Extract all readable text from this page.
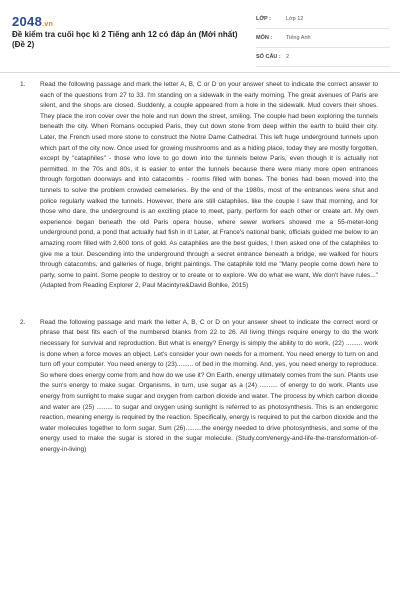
2048.vn
Đề kiểm tra cuối học kì 2 Tiếng anh 12 có đáp án (Mới nhất) (Đề 2)
LỚP :	Lớp 12
MÔN :	Tiếng Anh
SỐ CÂU : 2
1. Read the following passage and mark the letter A, B, C or D on your answer sheet to indicate the correct answer to each of the questions from 27 to 33. I'm standing on a sidewalk in the early morning. The great avenues of Paris are silent, and the shops are closed. Suddenly, a couple appeared from a hole in the sidewalk. Mud covers their shoes. They place the iron cover over the hole and run down the street, smiling. The couple had been exploring the tunnels beneath the city. When Romans occupied Paris, they cut down stone from deep within the earth to build their city. Later, the French used more stone to construct the Notre Dame Cathedral. This left huge underground tunnels upon which part of the city now. Once used for growing mushrooms and as a hiding place, today they are mostly forgotten, except by "cataphiles" - those who love to go down into the tunnels below Paris, even though it is actually not permitted. In the 70s and 80s, it is easier to enter the tunnels because there were many more open entrances through forgotten doorways and into catacombs - rooms filled with bones. The bones had been moved into the tunnels to solve the problem crowded cemeteries. By the end of the 1980s, most of the entrances were shut and police regularly walked the tunnels. However, there are still cataphiles, like the couple I saw that morning, and for those who dare, the underground is an exciting place to meet, party, perform for each other or create art. My own experience began beneath the old Paris opera house, where sewer workers showed me a 55-meter-long underground pond, a pond that actually had fish in it! Later, at France's national bank, officials guided me below to an amazing room filled with 2,600 tons of gold. As cataphiles are the best guides, I then asked one of the cataphiles to give me a tour. Descending into the underground through a secret entrance beneath a bridge, we walked for hours through catacombs, and galleries of huge, bright paintings. The cataphile told me "Many people come down here to party, some to paint. Some people to destroy or to create or to explore. We do what we want, We don't have rules..." (Adapted from Reading Explorer 2, Paul Macintyre&David Bohlke, 2015)
2. Read the following passage and mark the letter A, B, C or D on your answer sheet to indicate the correct word or phrase that best fits each of the numbered blanks from 22 to 26. All living things require energy to do the work necessary for survival and reproduction. But what is energy? Energy is simply the ability to do work, (22) ......... work is done when a force moves an object. Let's consider your own needs for a moment. You need energy to turn on and turn off your computer. You need energy to (23)......... of bed in the morning. And, yes, you need energy to reproduce. So where does energy come from and how do we use it? On Earth, energy ultimately comes from the sun. Plants use the sun's energy to make sugar. Organisms, in turn, use sugar as a (24) .......... of energy to do work. Plants use energy from sunlight to make sugar and oxygen from carbon dioxide and water. The process by which carbon dioxide and water are (25) ......... to sugar and oxygen using sunlight is referred to as photosynthesis. This is an endergonic reaction, meaning energy is required by the reaction. Specifically, energy is required to put the carbon dioxide and the water molecules together to form sugar. Sum (26).........the energy needed to drive photosynthesis, and some of the energy used to make the sugar is stored in the sugar molecule. (Study.com/energy-and-life-the-transformation-of-energy-in-living)
